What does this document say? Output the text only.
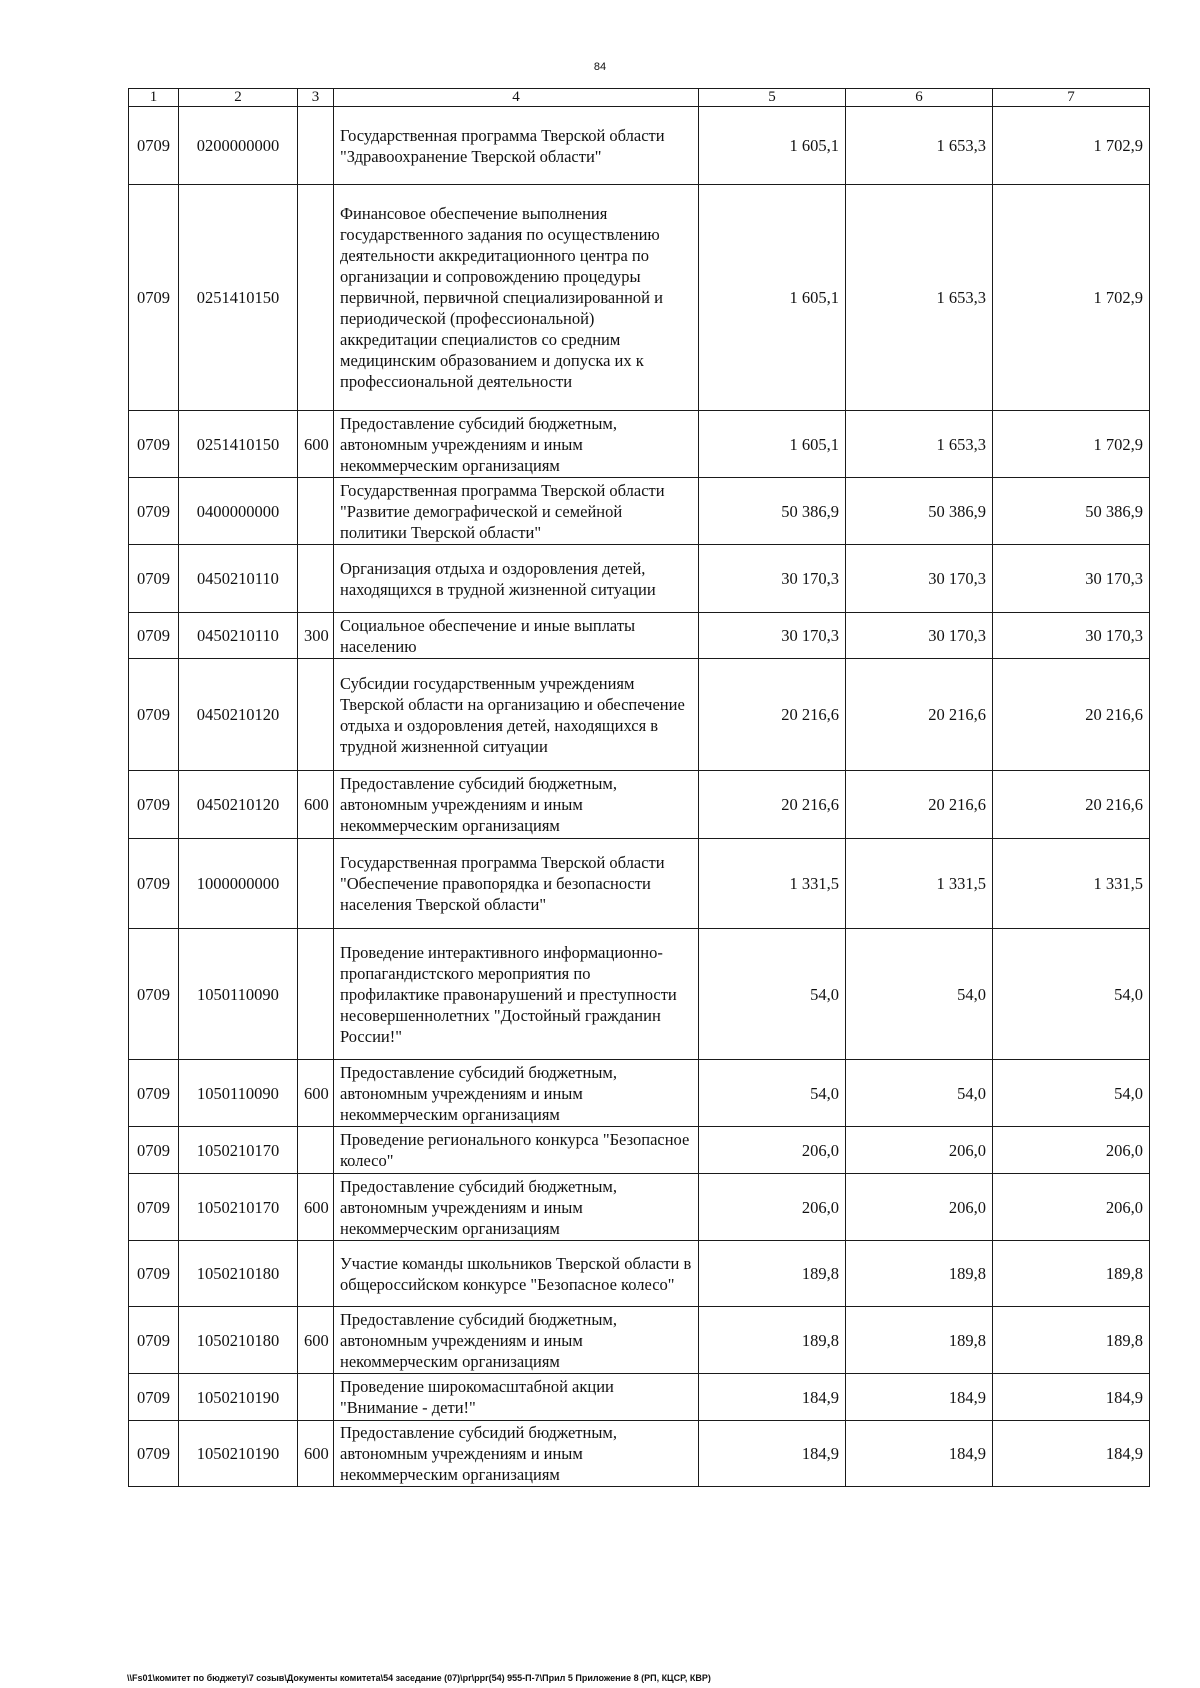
84
1	2	3	4	5	6	7
0709	0200000000		Государственная программа Тверской области "Здравоохранение Тверской области"	1 605,1	1 653,3	1 702,9
0709	0251410150		Финансовое обеспечение выполнения государственного задания по осуществлению деятельности аккредитационного центра по организации и сопровождению процедуры первичной, первичной специализированной и периодической (профессиональной) аккредитации специалистов со средним медицинским образованием и допуска их к профессиональной деятельности	1 605,1	1 653,3	1 702,9
0709	0251410150	600	Предоставление субсидий бюджетным, автономным учреждениям и иным некоммерческим организациям	1 605,1	1 653,3	1 702,9
0709	0400000000		Государственная программа Тверской области "Развитие демографической и семейной политики Тверской области"	50 386,9	50 386,9	50 386,9
0709	0450210110		Организация отдыха и оздоровления детей, находящихся в трудной жизненной ситуации	30 170,3	30 170,3	30 170,3
0709	0450210110	300	Социальное обеспечение и иные выплаты населению	30 170,3	30 170,3	30 170,3
0709	0450210120		Субсидии государственным учреждениям Тверской области на организацию и обеспечение отдыха и оздоровления детей, находящихся в трудной жизненной ситуации	20 216,6	20 216,6	20 216,6
0709	0450210120	600	Предоставление субсидий бюджетным, автономным учреждениям и иным некоммерческим организациям	20 216,6	20 216,6	20 216,6
0709	1000000000		Государственная программа Тверской области "Обеспечение правопорядка и безопасности населения Тверской области"	1 331,5	1 331,5	1 331,5
0709	1050110090		Проведение интерактивного информационно-пропагандистского мероприятия по профилактике правонарушений и преступности несовершеннолетних "Достойный гражданин России!"	54,0	54,0	54,0
0709	1050110090	600	Предоставление субсидий бюджетным, автономным учреждениям и иным некоммерческим организациям	54,0	54,0	54,0
0709	1050210170		Проведение регионального конкурса "Безопасное колесо"	206,0	206,0	206,0
0709	1050210170	600	Предоставление субсидий бюджетным, автономным учреждениям и иным некоммерческим организациям	206,0	206,0	206,0
0709	1050210180		Участие команды школьников Тверской области в общероссийском конкурсе "Безопасное колесо"	189,8	189,8	189,8
0709	1050210180	600	Предоставление субсидий бюджетным, автономным учреждениям и иным некоммерческим организациям	189,8	189,8	189,8
0709	1050210190		Проведение широкомасштабной акции "Внимание - дети!"	184,9	184,9	184,9
0709	1050210190	600	Предоставление субсидий бюджетным, автономным учреждениям и иным некоммерческим организациям	184,9	184,9	184,9
\\Fs01\комитет по бюджету\7 созыв\Документы комитета\54 заседание (07)\pr\ppr(54) 955-П-7\Прил 5 Приложение 8 (РП, КЦСР, КВР)
